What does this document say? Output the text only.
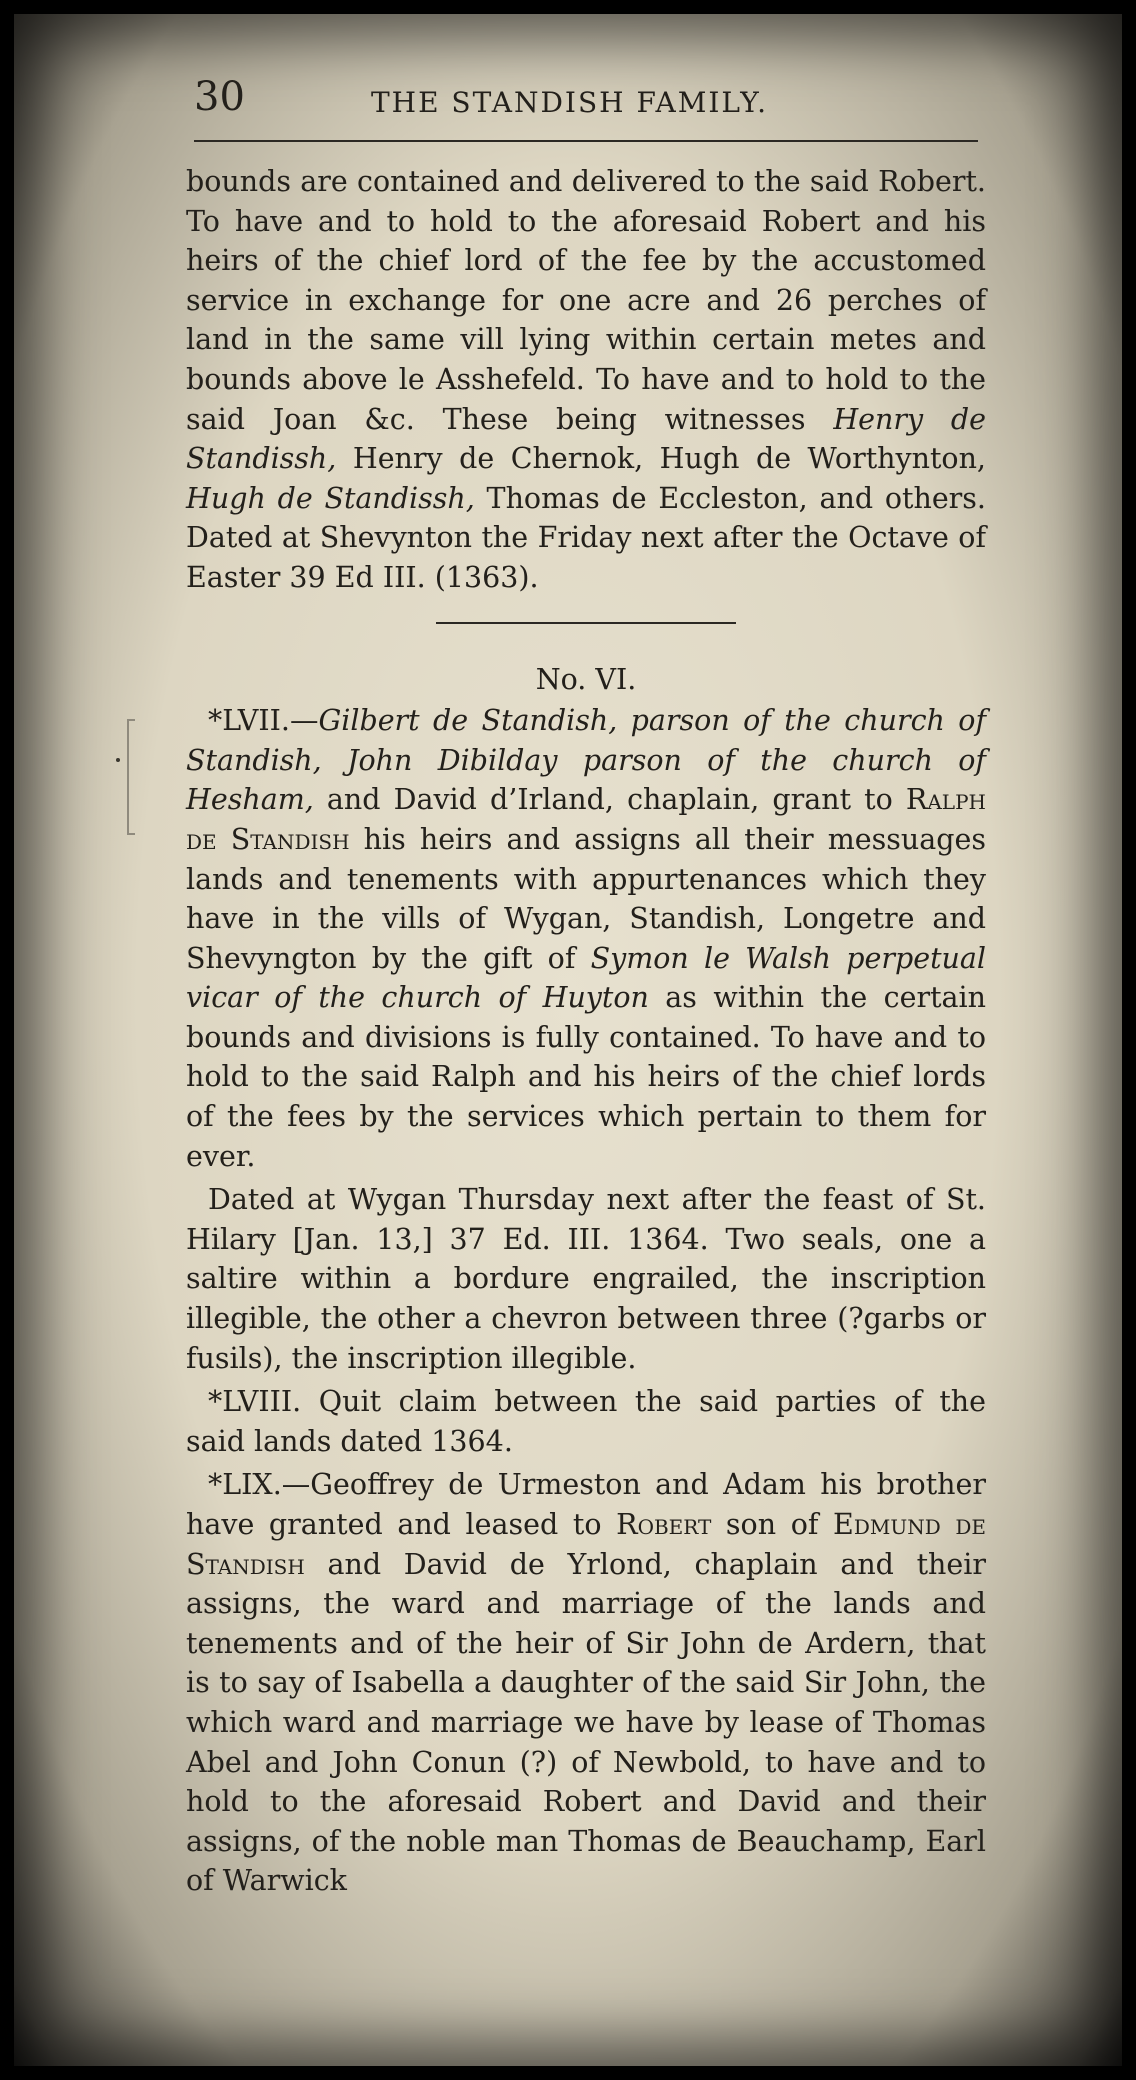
30	THE STANDISH FAMILY.

bounds are contained and delivered to the said Robert. To have and to hold to the aforesaid Robert and his heirs of the chief lord of the fee by the accustomed service in exchange for one acre and 26 perches of land in the same vill lying within certain metes and bounds above le Asshefeld. To have and to hold to the said Joan &c. These being witnesses Henry de Standissh, Henry de Chernok, Hugh de Worthynton, Hugh de Standissh, Thomas de Eccleston, and others. Dated at Shevynton the Friday next after the Octave of Easter 39 Ed III. (1363).

No. VI.

*LVII.—Gilbert de Standish, parson of the church of Standish, John Dibilday parson of the church of Hesham, and David d’Irland, chaplain, grant to Ralph de Standish his heirs and assigns all their messuages lands and tenements with appurtenances which they have in the vills of Wygan, Standish, Longetre and Shevyngton by the gift of Symon le Walsh perpetual vicar of the church of Huyton as within the certain bounds and divisions is fully contained. To have and to hold to the said Ralph and his heirs of the chief lords of the fees by the services which pertain to them for ever.

Dated at Wygan Thursday next after the feast of St. Hilary [Jan. 13,] 37 Ed. III. 1364. Two seals, one a saltire within a bordure engrailed, the inscription illegible, the other a chevron between three (?garbs or fusils), the inscription illegible.

*LVIII. Quit claim between the said parties of the said lands dated 1364.

*LIX.—Geoffrey de Urmeston and Adam his brother have granted and leased to Robert son of Edmund de Standish and David de Yrlond, chaplain and their assigns, the ward and marriage of the lands and tenements and of the heir of Sir John de Ardern, that is to say of Isabella a daughter of the said Sir John, the which ward and marriage we have by lease of Thomas Abel and John Conun (?) of Newbold, to have and to hold to the aforesaid Robert and David and their assigns, of the noble man Thomas de Beauchamp, Earl of Warwick
